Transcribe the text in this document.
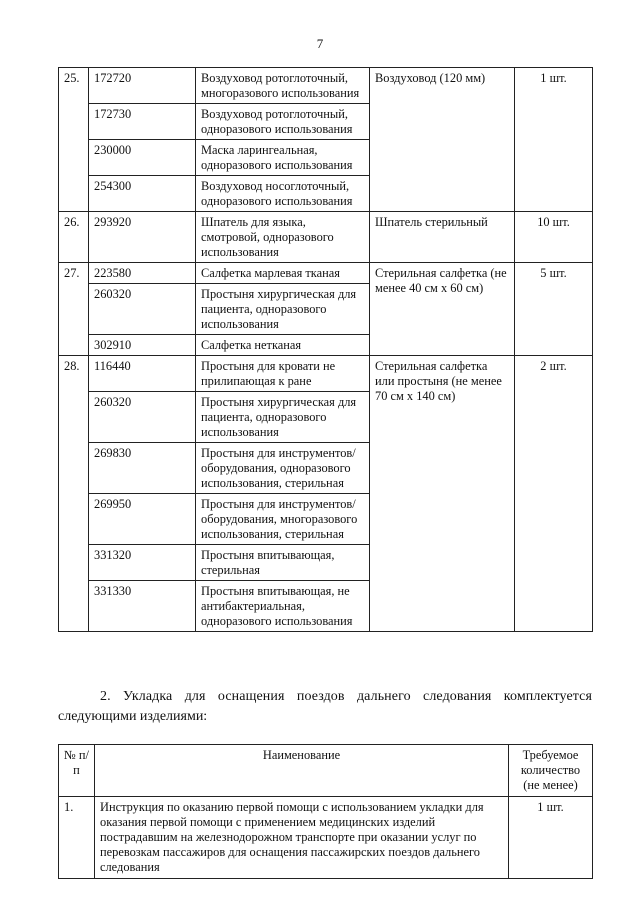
7
25.	172720	Воздуховод ротоглоточный, многоразового использования	Воздуховод (120 мм)	1 шт.
	172730	Воздуховод ротоглоточный, одноразового использования		
	230000	Маска ларингеальная, одноразового использования		
	254300	Воздуховод носоглоточный, одноразового использования		
26.	293920	Шпатель для языка, смотровой, одноразового использования	Шпатель стерильный	10 шт.
27.	223580	Салфетка марлевая тканая	Стерильная салфетка (не менее 40 см х 60 см)	5 шт.
	260320	Простыня хирургическая для пациента, одноразового использования		
	302910	Салфетка нетканая		
28.	116440	Простыня для кровати не прилипающая к ране	Стерильная салфетка или простыня (не менее 70 см х 140 см)	2 шт.
	260320	Простыня хирургическая для пациента, одноразового использования		
	269830	Простыня для инструментов/оборудования, одноразового использования, стерильная		
	269950	Простыня для инструментов/оборудования, многоразового использования, стерильная		
	331320	Простыня впитывающая, стерильная		
	331330	Простыня впитывающая, не антибактериальная, одноразового использования		
2. Укладка для оснащения поездов дальнего следования комплектуется
следующими изделиями:
№ п/п	Наименование	Требуемое количество (не менее)
1.	Инструкция по оказанию первой помощи с использованием укладки для оказания первой помощи с применением медицинских изделий пострадавшим на железнодорожном транспорте при оказании услуг по перевозкам пассажиров для оснащения пассажирских поездов дальнего следования	1 шт.
